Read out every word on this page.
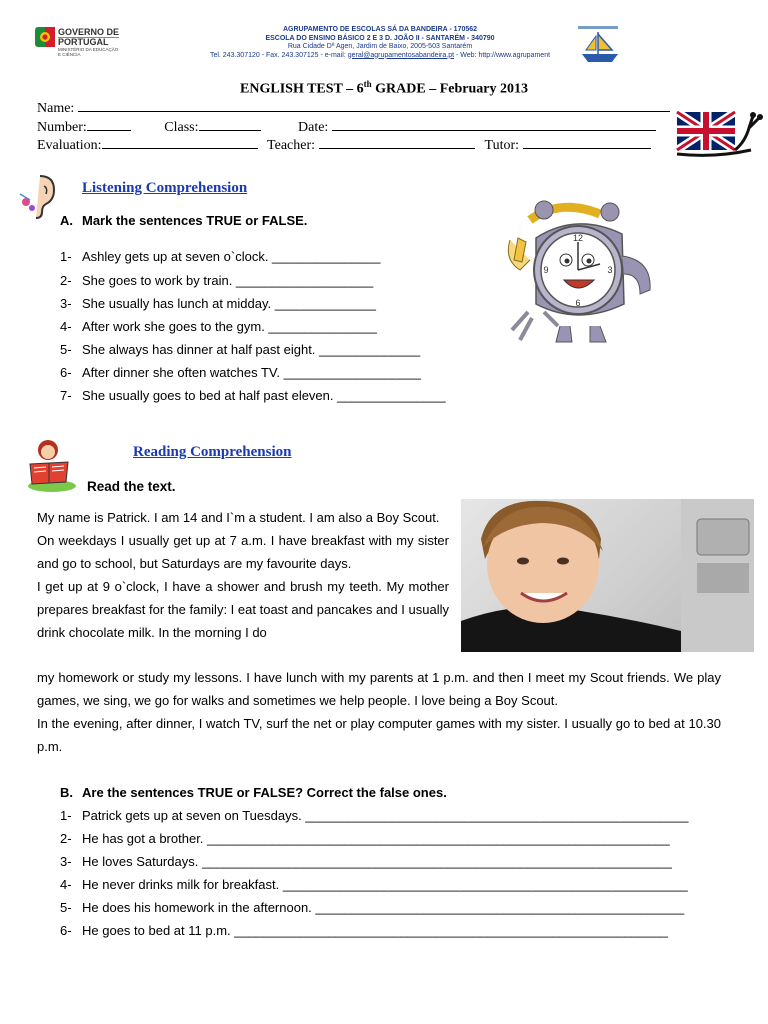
GOVERNO DE
PORTUGAL
MINISTÉRIO DA EDUCAÇÃO
E CIÊNCIA
AGRUPAMENTO DE ESCOLAS SÁ DA BANDEIRA - 170562
ESCOLA DO ENSINO BÁSICO 2 E 3 D. JOÃO II - SANTARÉM - 340790
Rua Cidade Dª Agen, Jardim de Baixo, 2005-503 Santarém
Tel. 243.307120 - Fax. 243.307125 - e-mail: geral@agrupamentosabandeira.pt - Web: http://www.agrupament
ENGLISH TEST – 6th GRADE – February 2013
Name:
Number:	Class:	Date:
Evaluation:	Teacher:	Tutor:
Listening Comprehension
A. Mark the sentences TRUE or FALSE.
1- Ashley gets up at seven o`clock. _______________
2- She goes to work by train. ___________________
3- She usually has lunch at midday. ______________
4- After work she goes to the gym. _______________
5- She always has dinner at half past eight. ______________
6- After dinner she often watches TV. ___________________
7- She usually goes to bed at half past eleven. _______________
12
3
6
9
Reading Comprehension
Read the text.
My name is Patrick. I am 14 and I`m a student. I am also a Boy Scout.
On weekdays I usually get up at 7 a.m. I have breakfast with my sister and go to school, but Saturdays are my favourite days.
I get up at 9 o`clock, I have a shower and brush my teeth. My mother prepares breakfast for the family: I eat toast and pancakes and I usually drink chocolate milk. In the morning I do
my homework or study my lessons. I have lunch with my parents at 1 p.m. and then I meet my Scout friends. We play games, we sing, we go for walks and sometimes we help people. I love being a Boy Scout.
In the evening, after dinner, I watch TV, surf the net or play computer games with my sister. I usually go to bed at 10.30 p.m.
B. Are the sentences TRUE or FALSE? Correct the false ones.
1- Patrick gets up at seven on Tuesdays. _____________________________________________________
2- He has got a brother. ________________________________________________________________
3- He loves Saturdays. _________________________________________________________________
4- He never drinks milk for breakfast. ________________________________________________________
5- He does his homework in the afternoon. ___________________________________________________
6- He goes to bed at 11 p.m. ____________________________________________________________
